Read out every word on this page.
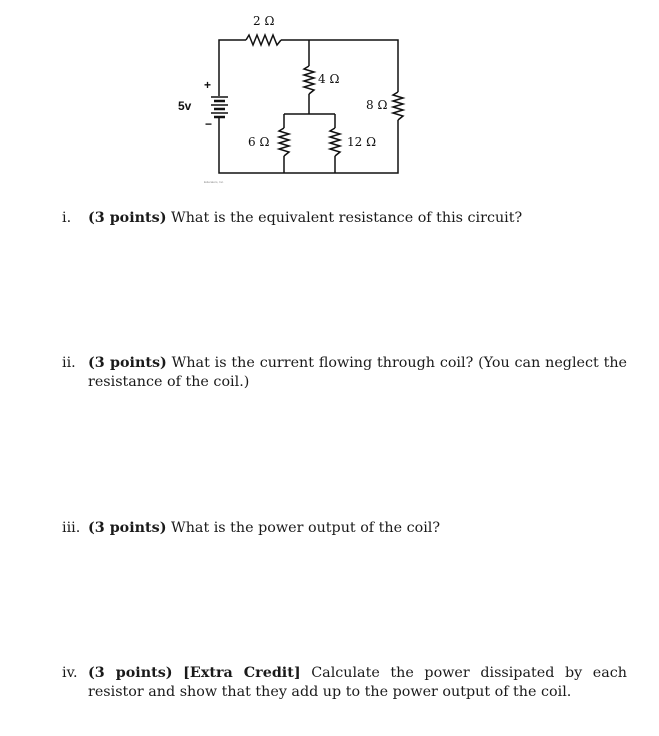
2 Ω
4 Ω
8 Ω
6 Ω	12 Ω
5v
+
−
Educators, Inc.
i. (3 points) What is the equivalent resistance of this circuit?
ii. (3 points) What is the current flowing through coil? (You can neglect the resistance of the coil.)
iii. (3 points) What is the power output of the coil?
iv. (3 points) [Extra Credit] Calculate the power dissipated by each resistor and show that they add up to the power output of the coil.
